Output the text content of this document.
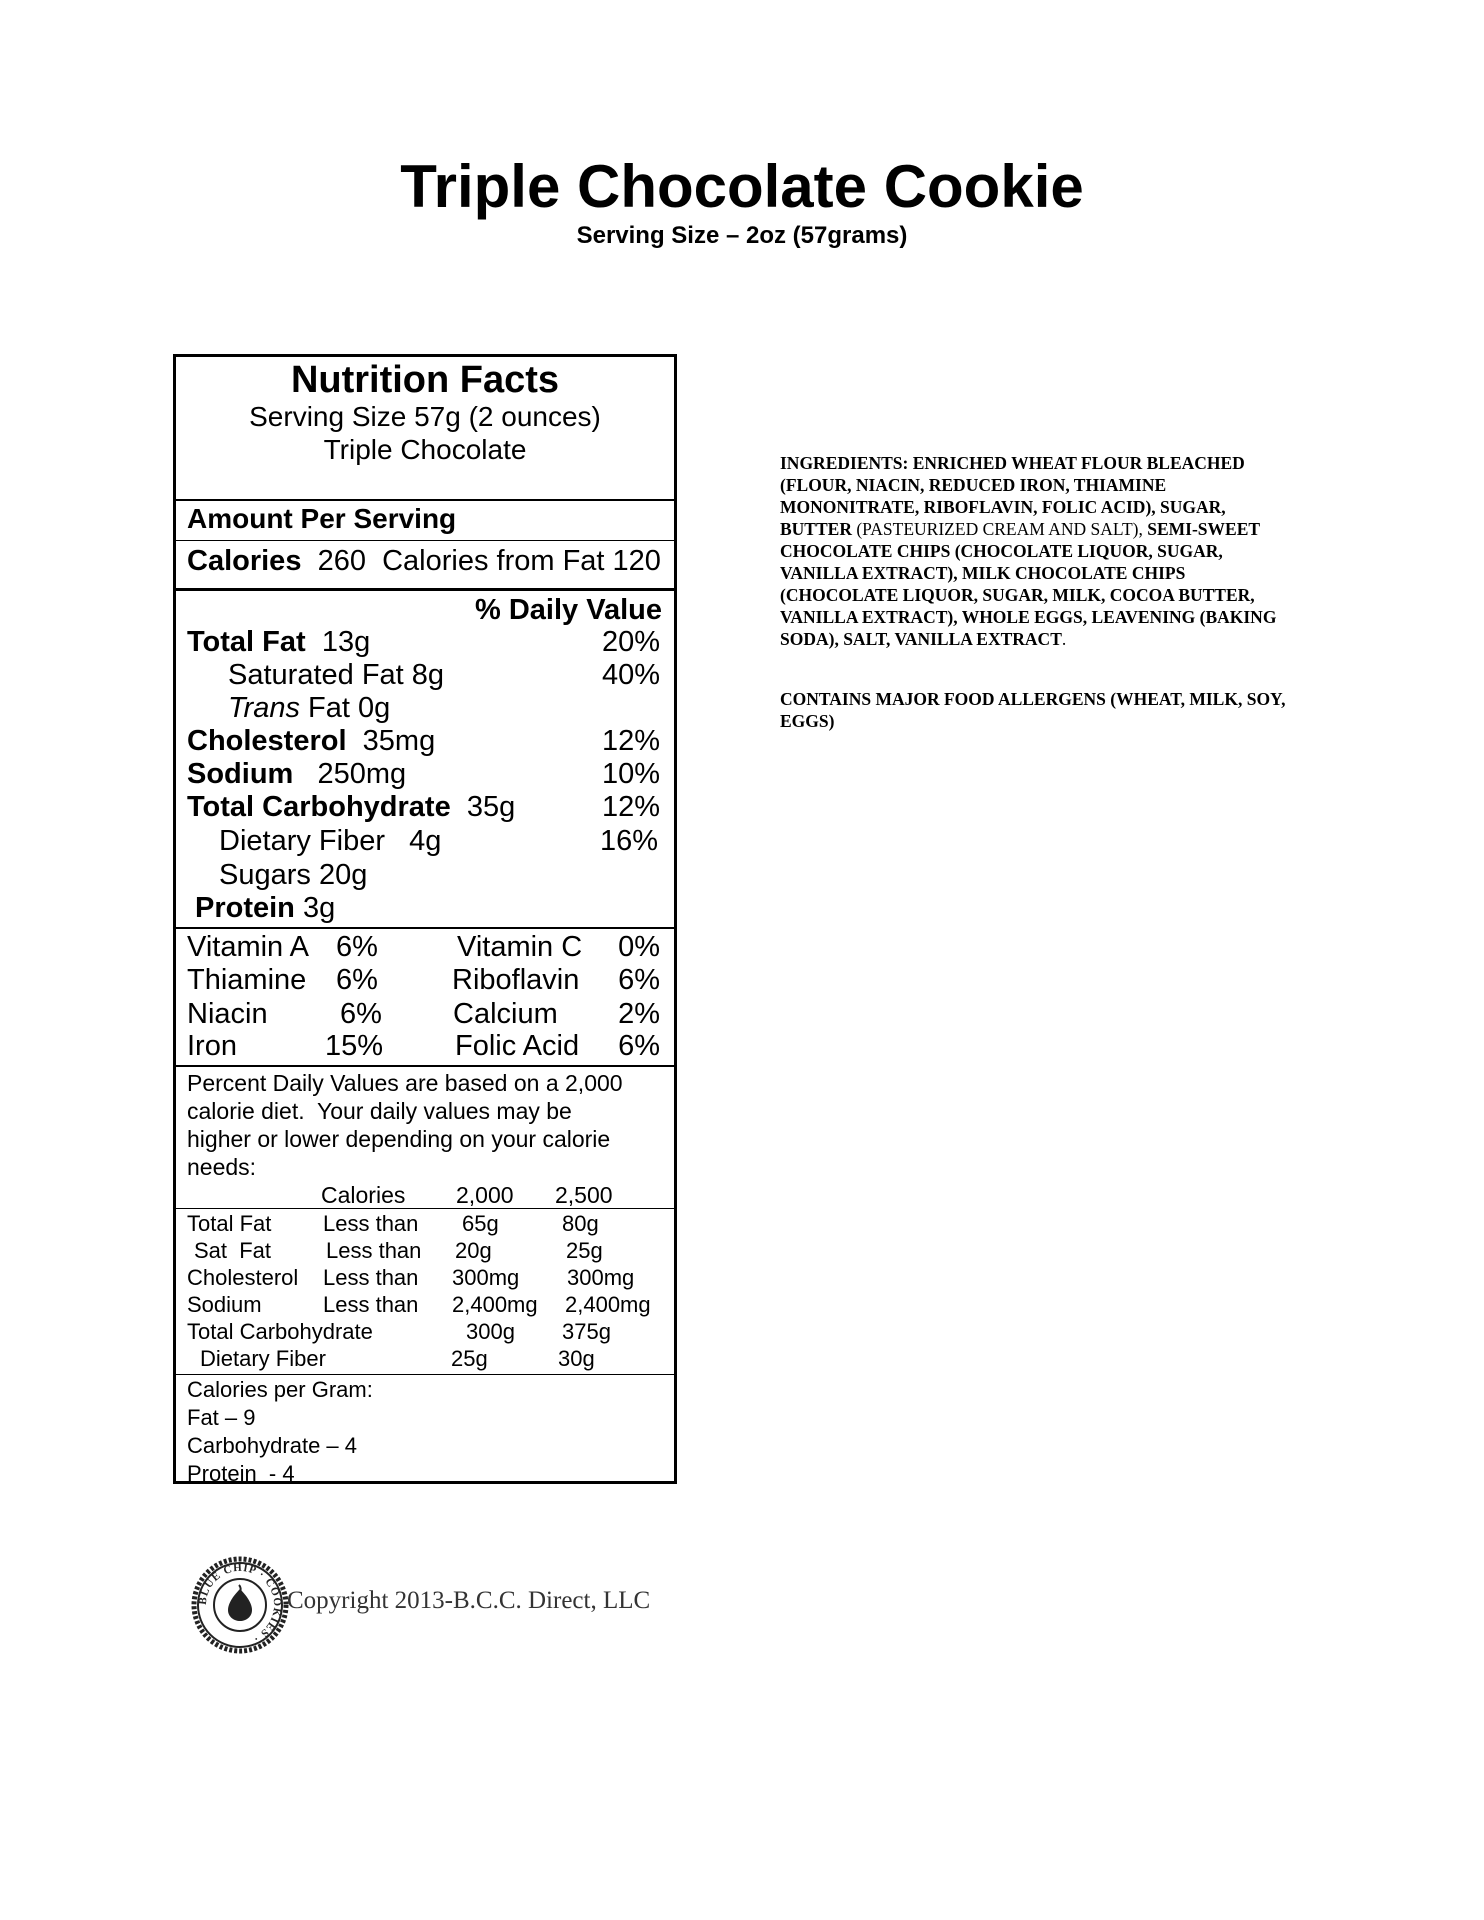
Triple Chocolate Cookie
Serving Size – 2oz (57grams)
Nutrition Facts
Serving Size 57g (2 ounces)
Triple Chocolate
Amount Per Serving
Calories 260 Calories from Fat 120
% Daily Value
Total Fat 13g	20%
Saturated Fat 8g	40%
Trans Fat 0g
Cholesterol 35mg	12%
Sodium 250mg	10%
Total Carbohydrate 35g	12%
Dietary Fiber 4g	16%
Sugars 20g
Protein 3g
Vitamin A 6%	Vitamin C 0%
Thiamine 6%	Riboflavin 6%
Niacin 6% Calcium 2%
Iron	15% Folic Acid 6%
Percent Daily Values are based on a 2,000
calorie diet.  Your daily values may be
higher or lower depending on your calorie
needs:
Calories 2,000 2,500
Total Fat Less than 65g	80g
Sat  Fat Less than 20g	25g
Cholesterol Less than 300mg 300mg
Sodium	Less than 2,400mg 2,400mg
Total Carbohydrate	300g 375g
Dietary Fiber	25g	30g
Calories per Gram:
Fat – 9
Carbohydrate – 4
Protein  - 4
INGREDIENTS: ENRICHED WHEAT FLOUR BLEACHED (FLOUR, NIACIN, REDUCED IRON, THIAMINE MONONITRATE, RIBOFLAVIN, FOLIC ACID), SUGAR, BUTTER (PASTEURIZED CREAM AND SALT), SEMI-SWEET CHOCOLATE CHIPS (CHOCOLATE LIQUOR, SUGAR, VANILLA EXTRACT), MILK CHOCOLATE CHIPS (CHOCOLATE LIQUOR, SUGAR, MILK, COCOA BUTTER, VANILLA EXTRACT), WHOLE EGGS, LEAVENING (BAKING SODA), SALT, VANILLA EXTRACT.
CONTAINS MAJOR FOOD ALLERGENS (WHEAT, MILK, SOY, EGGS)
BLUE CHIP · COOKIES ·
Copyright 2013-B.C.C. Direct, LLC
